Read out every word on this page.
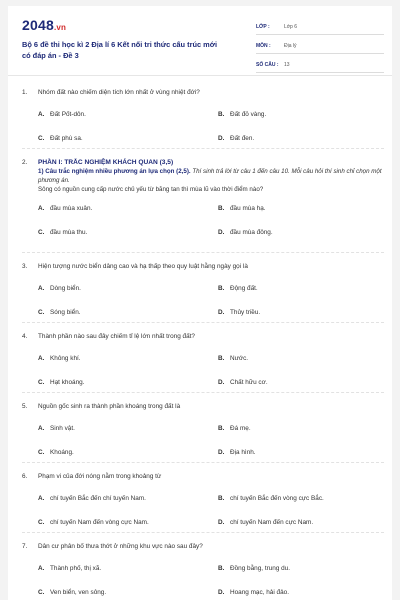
2048.vn
Bộ 6 đề thi học kì 2 Địa lí 6 Kết nối tri thức cấu trúc mới có đáp án - Đề 3
LỚP :	Lớp 6
MÔN :	Địa lý
SỐ CÂU :	13
1.	Nhóm đất nào chiếm diện tích lớn nhất ở vùng nhiệt đới?
A. Đất Pốt-dôn.	B. Đất đỏ vàng.
C. Đất phù sa.	D. Đất đen.
2.	PHẦN I: TRẮC NGHIỆM KHÁCH QUAN (3,5)
1) Câu trắc nghiệm nhiều phương án lựa chọn (2,5). Thí sinh trả lời từ câu 1 đến câu 10. Mỗi câu hỏi thí sinh chỉ chọn một phương án.
Sông có nguồn cung cấp nước chủ yếu từ băng tan thì mùa lũ vào thời điểm nào?
A. đầu mùa xuân.	B. đầu mùa hạ.
C. đầu mùa thu.	D. đầu mùa đông.
3.	Hiện tượng nước biển dâng cao và hạ thấp theo quy luật hằng ngày gọi là
A. Dòng biển.	B. Động đất.
C. Sóng biển.	D. Thủy triều.
4.	Thành phần nào sau đây chiếm tỉ lệ lớn nhất trong đất?
A. Không khí.	B. Nước.
C. Hạt khoáng.	D. Chất hữu cơ.
5.	Nguồn gốc sinh ra thành phần khoáng trong đất là
A. Sinh vật.	B. Đá mẹ.
C. Khoáng.	D. Địa hình.
6.	Phạm vi của đới nóng nằm trong khoảng từ
A. chí tuyến Bắc đến chí tuyến Nam.	B. chí tuyến Bắc đến vòng cực Bắc.
C. chí tuyến Nam đến vòng cực Nam.	D. chí tuyến Nam đến cực Nam.
7.	Dân cư phân bố thưa thớt ở những khu vực nào sau đây?
A. Thành phố, thị xã.	B. Đồng bằng, trung du.
C. Ven biển, ven sông.	D. Hoang mạc, hải đảo.
